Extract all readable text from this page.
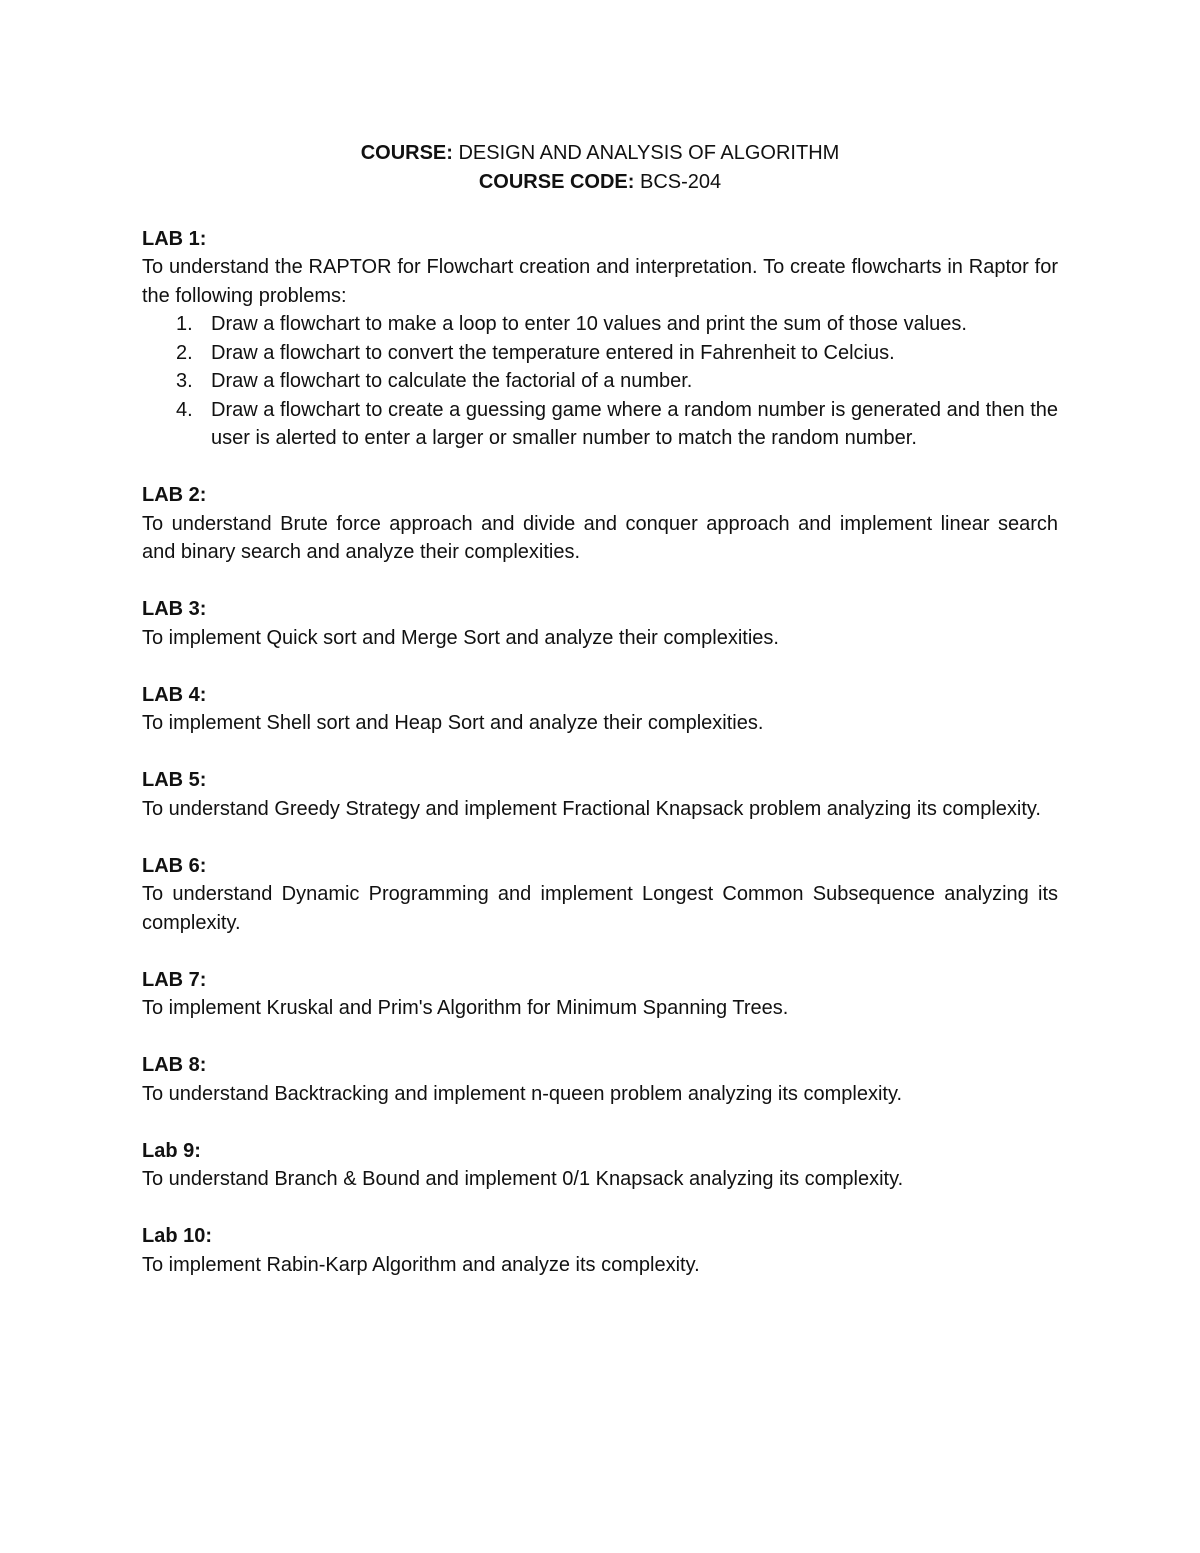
COURSE: DESIGN AND ANALYSIS OF ALGORITHM
COURSE CODE: BCS-204
LAB 1:
To understand the RAPTOR for Flowchart creation and interpretation. To create flowcharts in Raptor for the following problems:
1. Draw a flowchart to make a loop to enter 10 values and print the sum of those values.
2. Draw a flowchart to convert the temperature entered in Fahrenheit to Celcius.
3. Draw a flowchart to calculate the factorial of a number.
4. Draw a flowchart to create a guessing game where a random number is generated and then the user is alerted to enter a larger or smaller number to match the random number.
LAB 2:
To understand Brute force approach and divide and conquer approach and implement linear search and binary search and analyze their complexities.
LAB 3:
To implement Quick sort and Merge Sort and analyze their complexities.
LAB 4:
To implement Shell sort and Heap Sort and analyze their complexities.
LAB 5:
To understand Greedy Strategy and implement Fractional Knapsack problem analyzing its complexity.
LAB 6:
To understand Dynamic Programming and implement Longest Common Subsequence analyzing its complexity.
LAB 7:
To implement Kruskal and Prim's Algorithm for Minimum Spanning Trees.
LAB 8:
To understand Backtracking and implement n-queen problem analyzing its complexity.
Lab 9:
To understand Branch & Bound and implement 0/1 Knapsack analyzing its complexity.
Lab 10:
To implement Rabin-Karp Algorithm and analyze its complexity.
